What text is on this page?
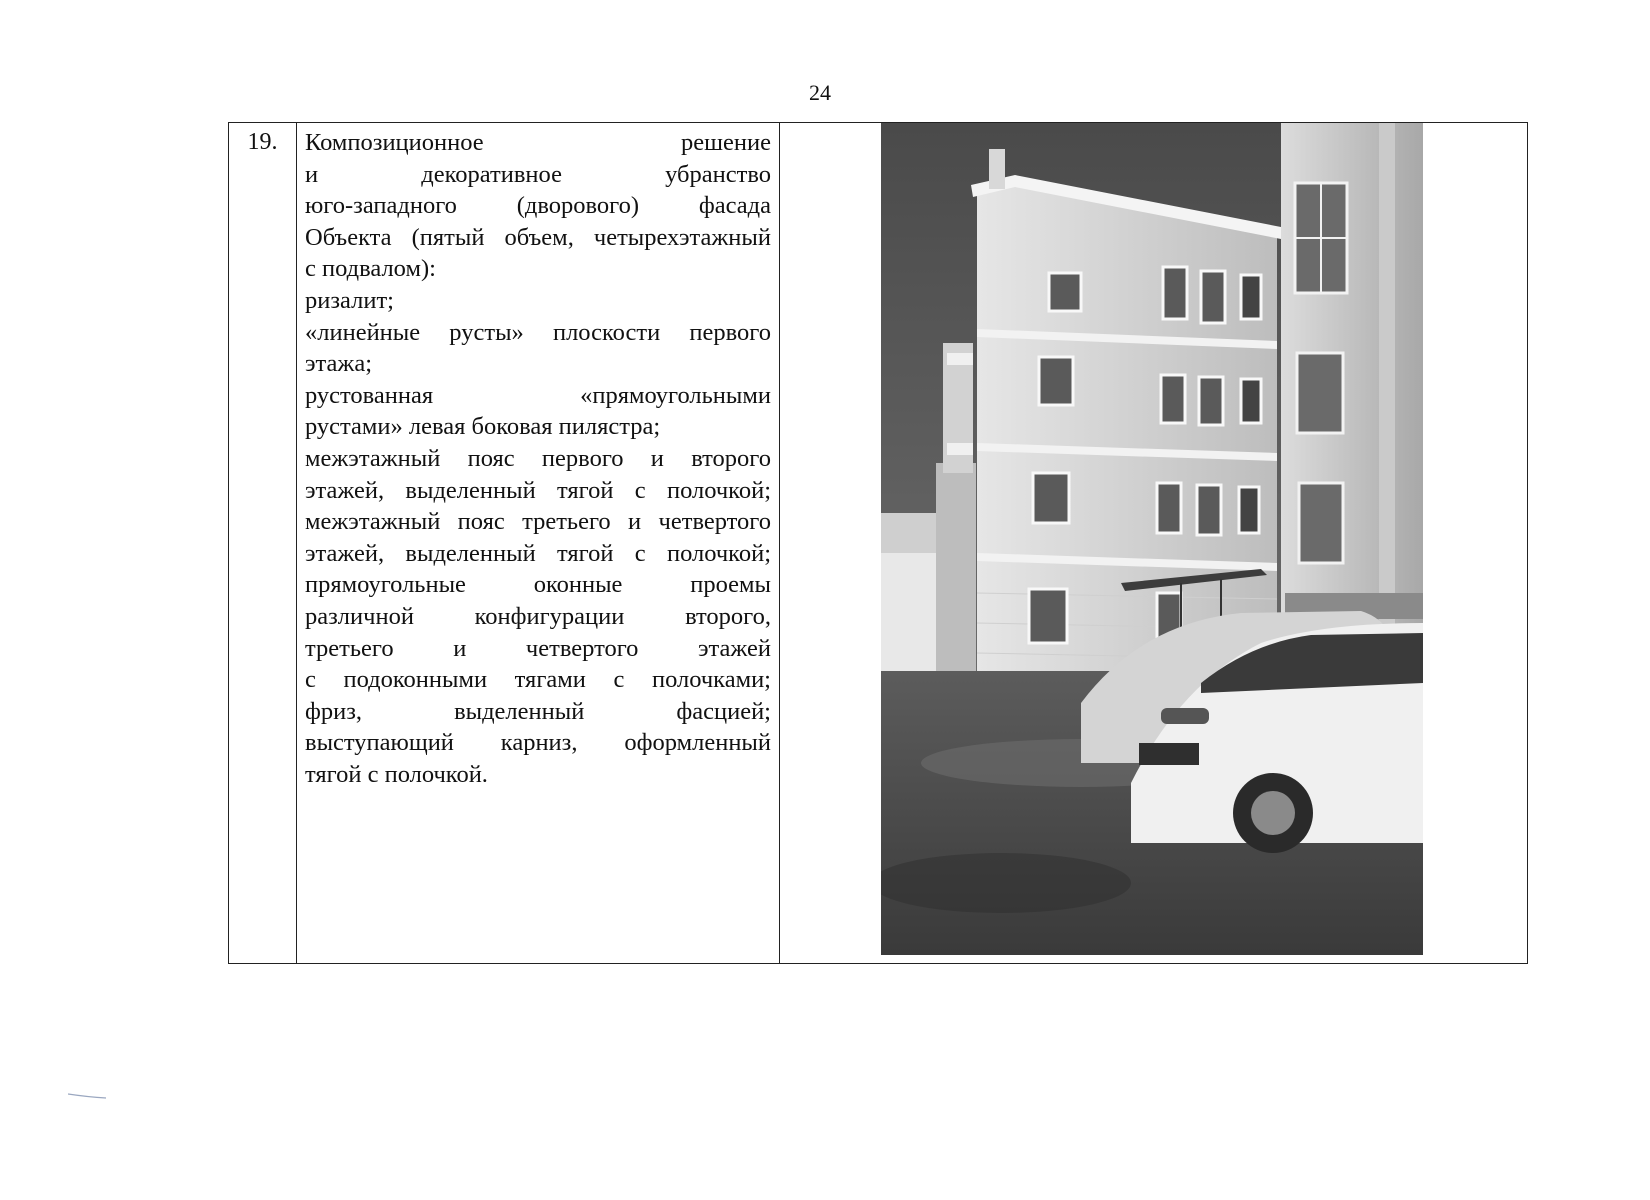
24
19.	Композиционное решение

и декоративное убранство

юго-западного (дворового) фасада

Объекта (пятый объем, четырехэтажный

с подвалом):

ризалит;

«линейные русты» плоскости первого

этажа;

рустованная «прямоугольными

рустами» левая боковая пилястра;

межэтажный пояс первого и второго

этажей, выделенный тягой с полочкой;

межэтажный пояс третьего и четвертого

этажей, выделенный тягой с полочкой;

прямоугольные оконные проемы

различной конфигурации второго,

третьего и четвертого этажей

с подоконными тягами с полочками;

фриз, выделенный фасцией;

выступающий карниз, оформленный

тягой с полочкой.
